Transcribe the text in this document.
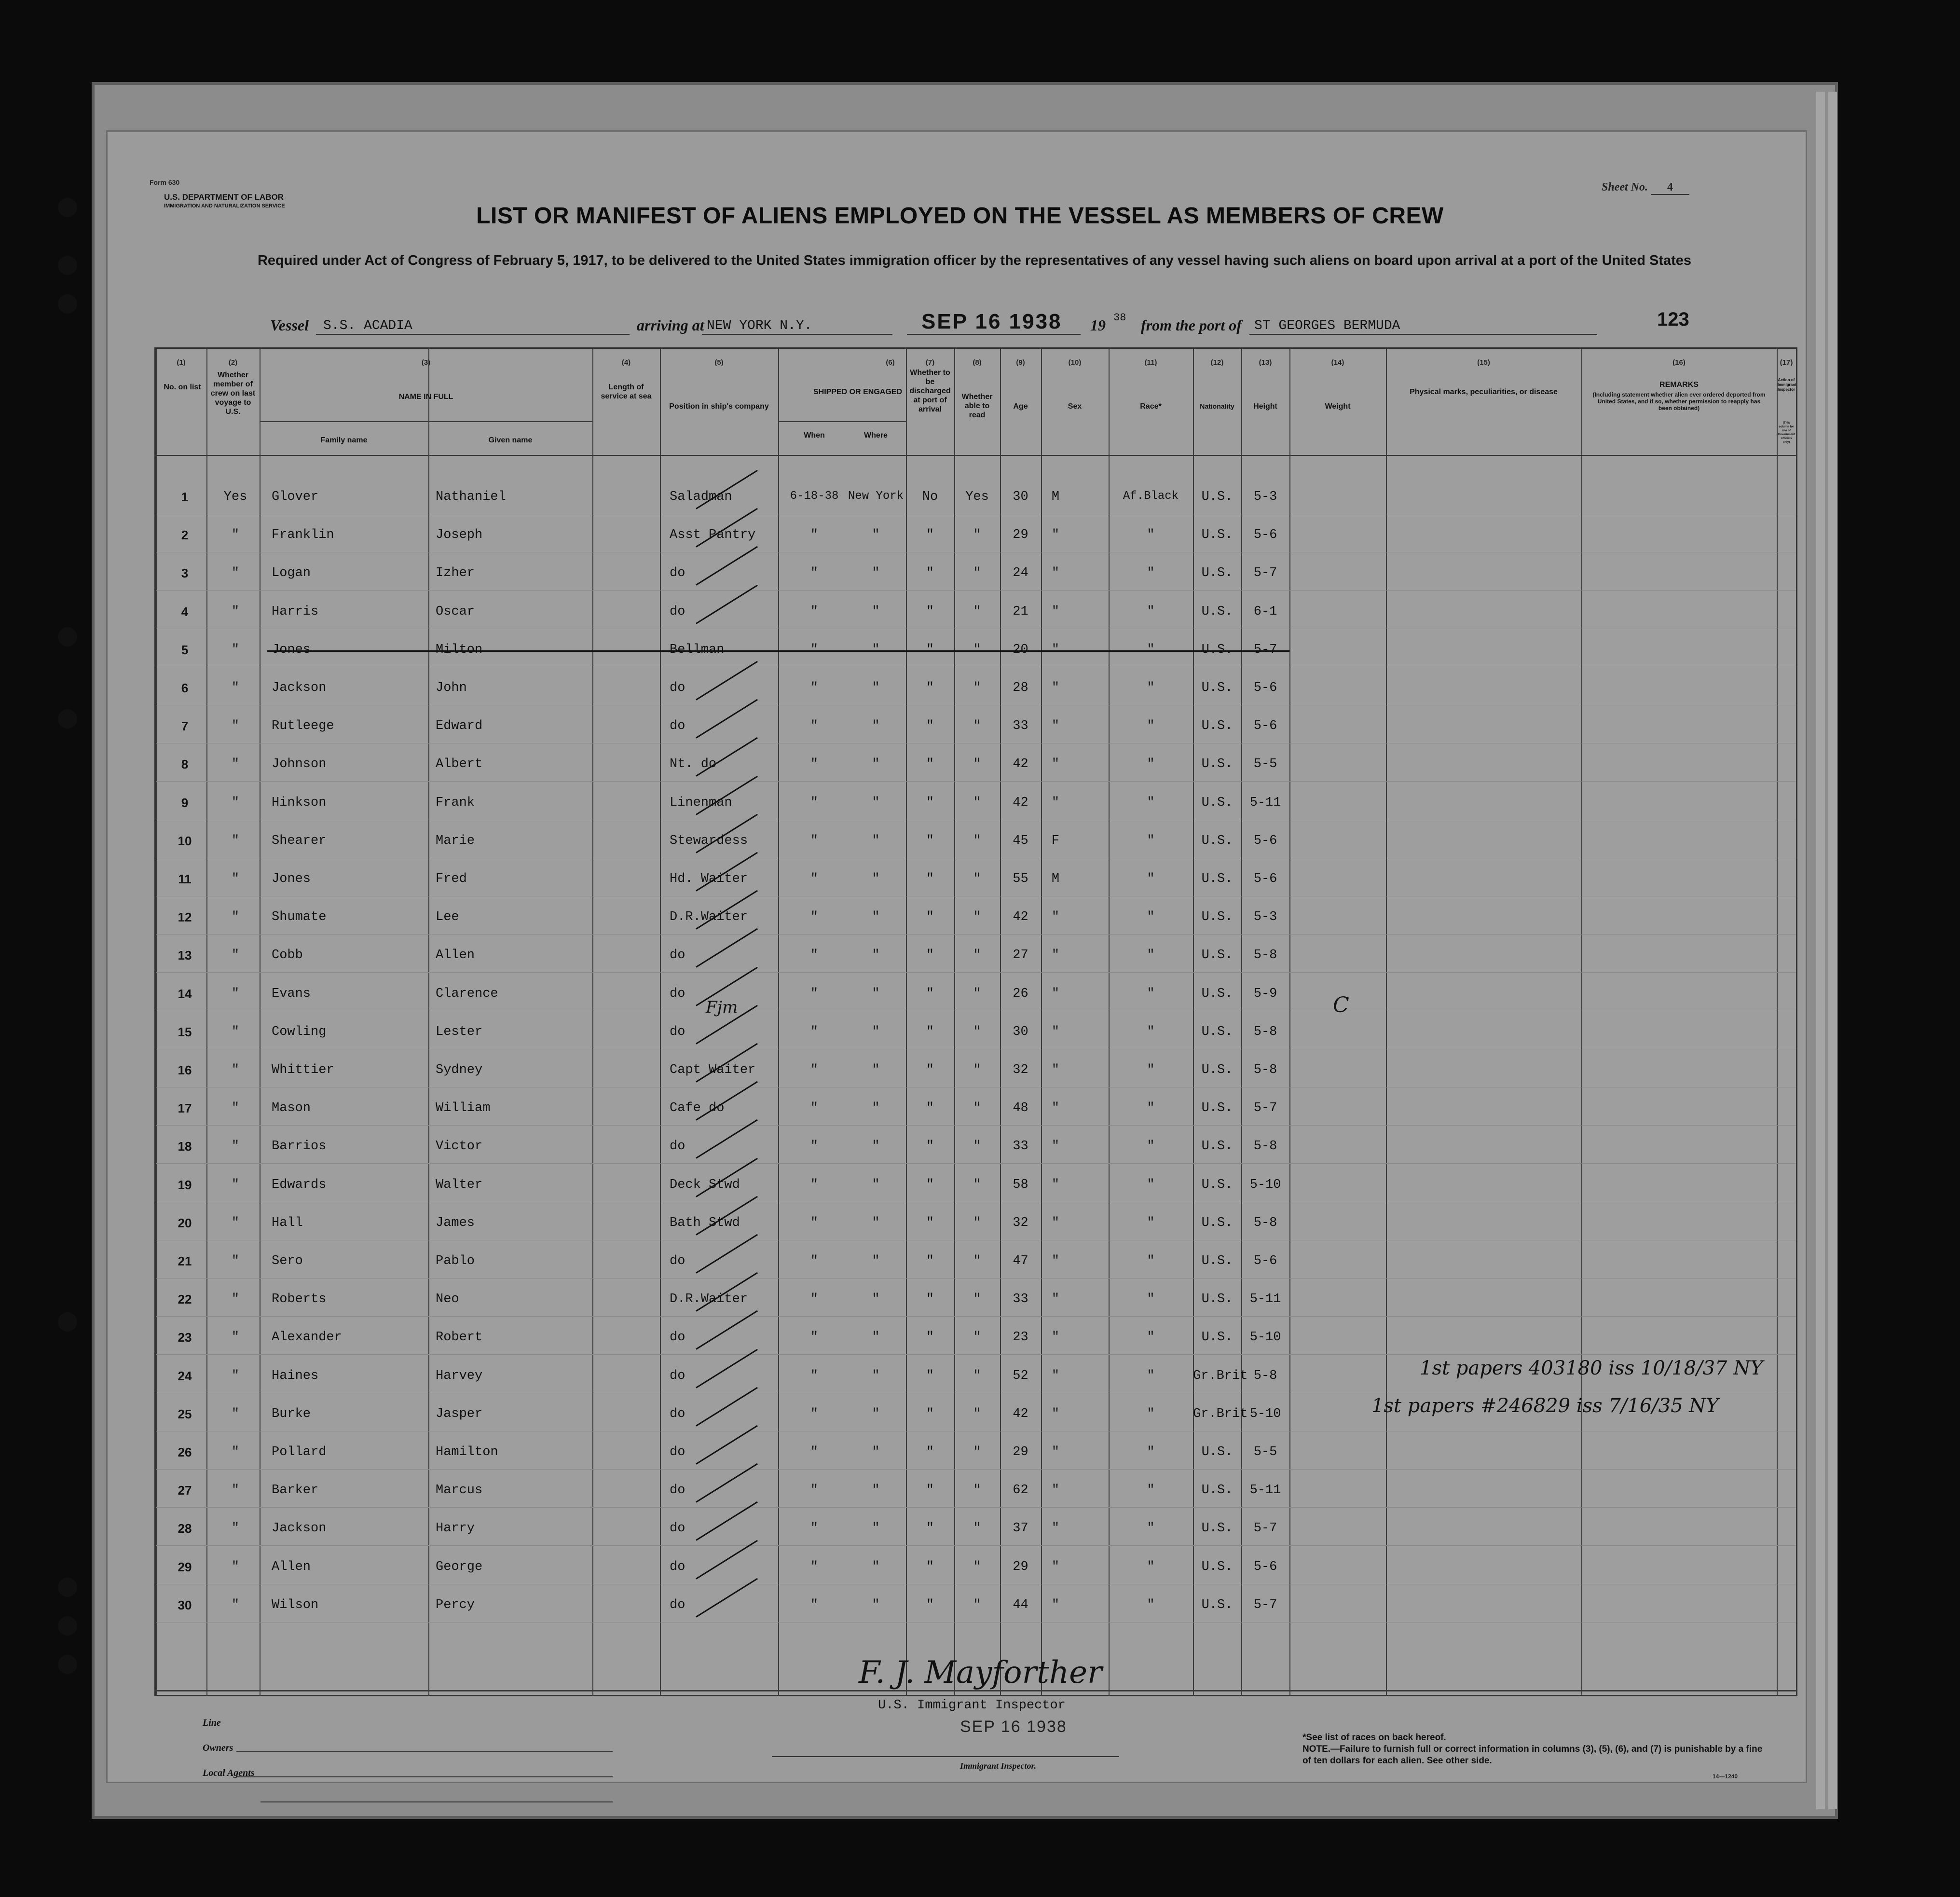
Form 630
U.S. DEPARTMENT OF LABOR
IMMIGRATION AND NATURALIZATION SERVICE
Sheet No. 4
LIST OR MANIFEST OF ALIENS EMPLOYED ON THE VESSEL AS MEMBERS OF CREW
Required under Act of Congress of February 5, 1917, to be delivered to the United States immigration officer by the representatives of any vessel having such aliens on board upon arrival at a port of the United States
Vessel S.S. ACADIA	arriving at NEW YORK N.Y.	SEP 16 1938 19 38 from the port of ST GEORGES BERMUDA	123
(1)
No. on list
(2)
Whether member of crew on last voyage to U.S.
(3)
NAME IN FULL
Family name	Given name
(4)
Length of service at sea
(5)
Position in ship's company
(6)
SHIPPED OR ENGAGED
When	Where
(7)
Whether to be discharged at port of arrival
(8)
Whether able to read
(9)
Age
(10)
Sex
(11)
Race*
(12)
Nationality
(13)
Height
(14)
Weight
(15)
Physical marks, peculiarities, or disease
(16)
REMARKS
(Including statement whether alien ever ordered deported from United States, and if so, whether permission to reapply has been obtained)
(17)
Action of Immigrant Inspector
(This column for use of Government officials only)
1	Yes	Glover	Nathaniel	Saladman	6-18-38 New York	No	Yes	30	M	Af.Black	U.S.	5-3
2	"	Franklin	Joseph	Asst Pantry	"	"	"	"	29	"	"	U.S.	5-6
3	"	Logan	Izher	do	"	"	"	"	24	"	"	U.S.	5-7
4	"	Harris	Oscar	do	"	"	"	"	21	"	"	U.S.	6-1
5	"	Jones	Milton	Bellman	"	"	"	"	20	"	"	U.S.	5-7
6	"	Jackson	John	do	"	"	"	"	28	"	"	U.S.	5-6
7	"	Rutleege	Edward	do	"	"	"	"	33	"	"	U.S.	5-6
8	"	Johnson	Albert	Nt. do	"	"	"	"	42	"	"	U.S.	5-5
9	"	Hinkson	Frank	Linenman	"	"	"	"	42	"	"	U.S.	5-11
10	"	Shearer	Marie	Stewardess	"	"	"	"	45	F	"	U.S.	5-6
11	"	Jones	Fred	Hd. Waiter	"	"	"	"	55	M	"	U.S.	5-6
12	"	Shumate	Lee	D.R.Waiter	"	"	"	"	42	"	"	U.S.	5-3
13	"	Cobb	Allen	do	"	"	"	"	27	"	"	U.S.	5-8
14	"	Evans	Clarence	do	"	"	"	"	26	"	"	U.S.	5-9
15	"	Cowling	Lester	do	"	"	"	"	30	"	"	U.S.	5-8
16	"	Whittier	Sydney	Capt Waiter	"	"	"	"	32	"	"	U.S.	5-8
17	"	Mason	William	Cafe do	"	"	"	"	48	"	"	U.S.	5-7
18	"	Barrios	Victor	do	"	"	"	"	33	"	"	U.S.	5-8
19	"	Edwards	Walter	Deck Stwd	"	"	"	"	58	"	"	U.S.	5-10
20	"	Hall	James	Bath Stwd	"	"	"	"	32	"	"	U.S.	5-8
21	"	Sero	Pablo	do	"	"	"	"	47	"	"	U.S.	5-6
22	"	Roberts	Neo	D.R.Waiter	"	"	"	"	33	"	"	U.S.	5-11
23	"	Alexander	Robert	do	"	"	"	"	23	"	"	U.S.	5-10
24	"	Haines	Harvey	do	"	"	"	"	52	"	"	Gr.Brit 5-8
25	"	Burke	Jasper	do	"	"	"	"	42	"	"	Gr.Brit 5-10
26	"	Pollard	Hamilton	do	"	"	"	"	29	"	"	U.S.	5-5
27	"	Barker	Marcus	do	"	"	"	"	62	"	"	U.S.	5-11
28	"	Jackson	Harry	do	"	"	"	"	37	"	"	U.S.	5-7
29	"	Allen	George	do	"	"	"	"	29	"	"	U.S.	5-6
30	"	Wilson	Percy	do	"	"	"	"	44	"	"	U.S.	5-7
Fjm	C
1st papers 403180 iss 10/18/37 NY
1st papers #246829 iss 7/16/35 NY
Line
Owners
Local Agents
F. J. Mayforther
U.S. Immigrant Inspector
SEP 16 1938
Immigrant Inspector.
*See list of races on back hereof.
NOTE.—Failure to furnish full or correct information in columns (3), (5), (6), and (7) is punishable by a fine of ten dollars for each alien. See other side.
14—1240
